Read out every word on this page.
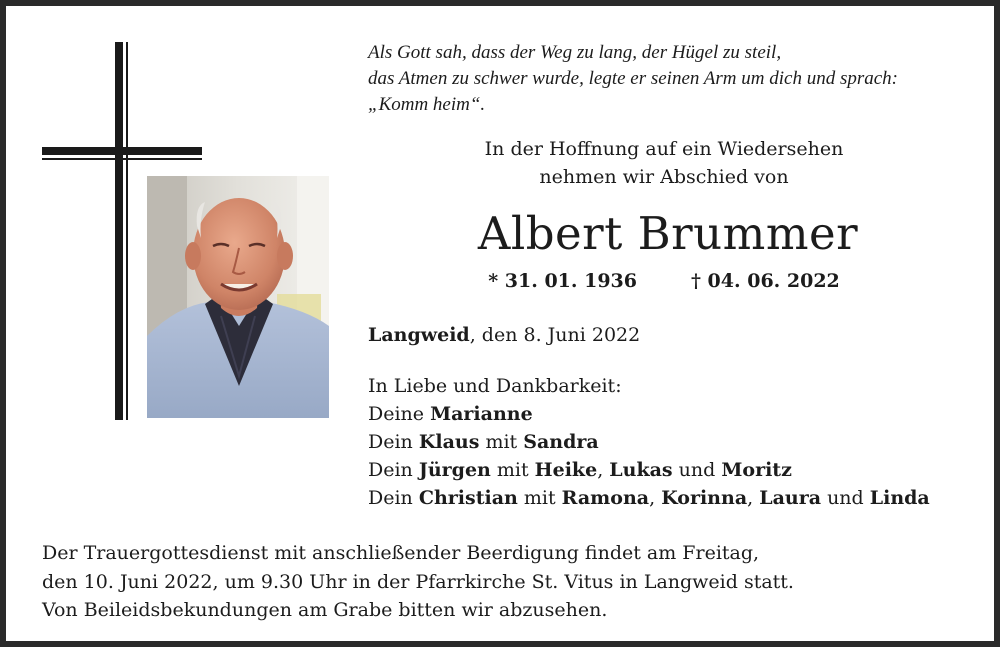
Als Gott sah, dass der Weg zu lang, der Hügel zu steil,
das Atmen zu schwer wurde, legte er seinen Arm um dich und sprach:
„Komm heim“.
In der Hoffnung auf ein Wiedersehen
nehmen wir Abschied von
Albert Brummer
* 31. 01. 1936	† 04. 06. 2022
Langweid, den 8. Juni 2022
In Liebe und Dankbarkeit:
Deine Marianne
Dein Klaus mit Sandra
Dein Jürgen mit Heike, Lukas und Moritz
Dein Christian mit Ramona, Korinna, Laura und Linda
Der Trauergottesdienst mit anschließender Beerdigung findet am Freitag,
den 10. Juni 2022, um 9.30 Uhr in der Pfarrkirche St. Vitus in Langweid statt.
Von Beileidsbekundungen am Grabe bitten wir abzusehen.
